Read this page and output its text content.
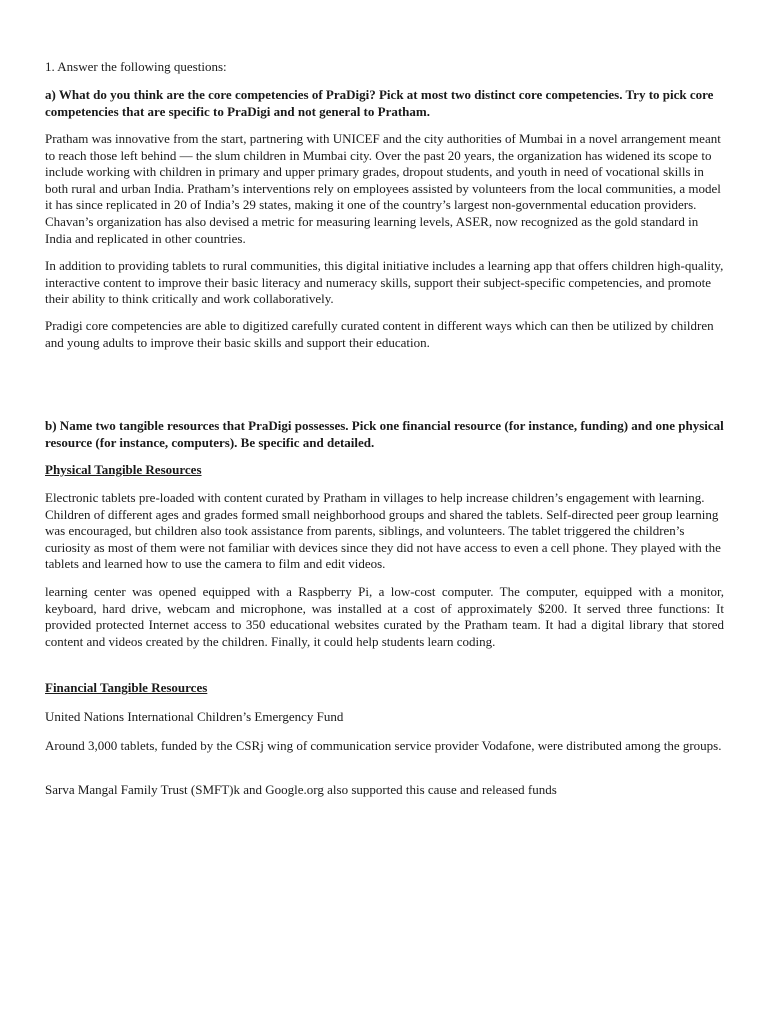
1. Answer the following questions:

a) What do you think are the core competencies of PraDigi? Pick at most two distinct core competencies. Try to pick core competencies that are specific to PraDigi and not general to Pratham.

Pratham was innovative from the start, partnering with UNICEF and the city authorities of Mumbai in a novel arrangement meant to reach those left behind — the slum children in Mumbai city. Over the past 20 years, the organization has widened its scope to include working with children in primary and upper primary grades, dropout students, and youth in need of vocational skills in both rural and urban India. Pratham’s interventions rely on employees assisted by volunteers from the local communities, a model it has since replicated in 20 of India’s 29 states, making it one of the country’s largest non-governmental education providers. Chavan’s organization has also devised a metric for measuring learning levels, ASER, now recognized as the gold standard in India and replicated in other countries.

In addition to providing tablets to rural communities, this digital initiative includes a learning app that offers children high-quality, interactive content to improve their basic literacy and numeracy skills, support their subject-specific competencies, and promote their ability to think critically and work collaboratively.

Pradigi core competencies are able to digitized carefully curated content in different ways which can then be utilized by children and young adults to improve their basic skills and support their education.

b) Name two tangible resources that PraDigi possesses. Pick one financial resource (for instance, funding) and one physical resource (for instance, computers). Be specific and detailed.

Physical Tangible Resources

Electronic tablets pre-loaded with content curated by Pratham in villages to help increase children’s engagement with learning. Children of different ages and grades formed small neighborhood groups and shared the tablets. Self-directed peer group learning was encouraged, but children also took assistance from parents, siblings, and volunteers. The tablet triggered the children’s curiosity as most of them were not familiar with devices since they did not have access to even a cell phone. They played with the tablets and learned how to use the camera to film and edit videos.

learning center was opened equipped with a Raspberry Pi, a low-cost computer. The computer, equipped with a monitor, keyboard, hard drive, webcam and microphone, was installed at a cost of approximately $200. It served three functions: It provided protected Internet access to 350 educational websites curated by the Pratham team. It had a digital library that stored content and videos created by the children. Finally, it could help students learn coding.

Financial Tangible Resources

United Nations International Children’s Emergency Fund

Around 3,000 tablets, funded by the CSRj wing of communication service provider Vodafone, were distributed among the groups.

Sarva Mangal Family Trust (SMFT)k and Google.org also supported this cause and released funds
